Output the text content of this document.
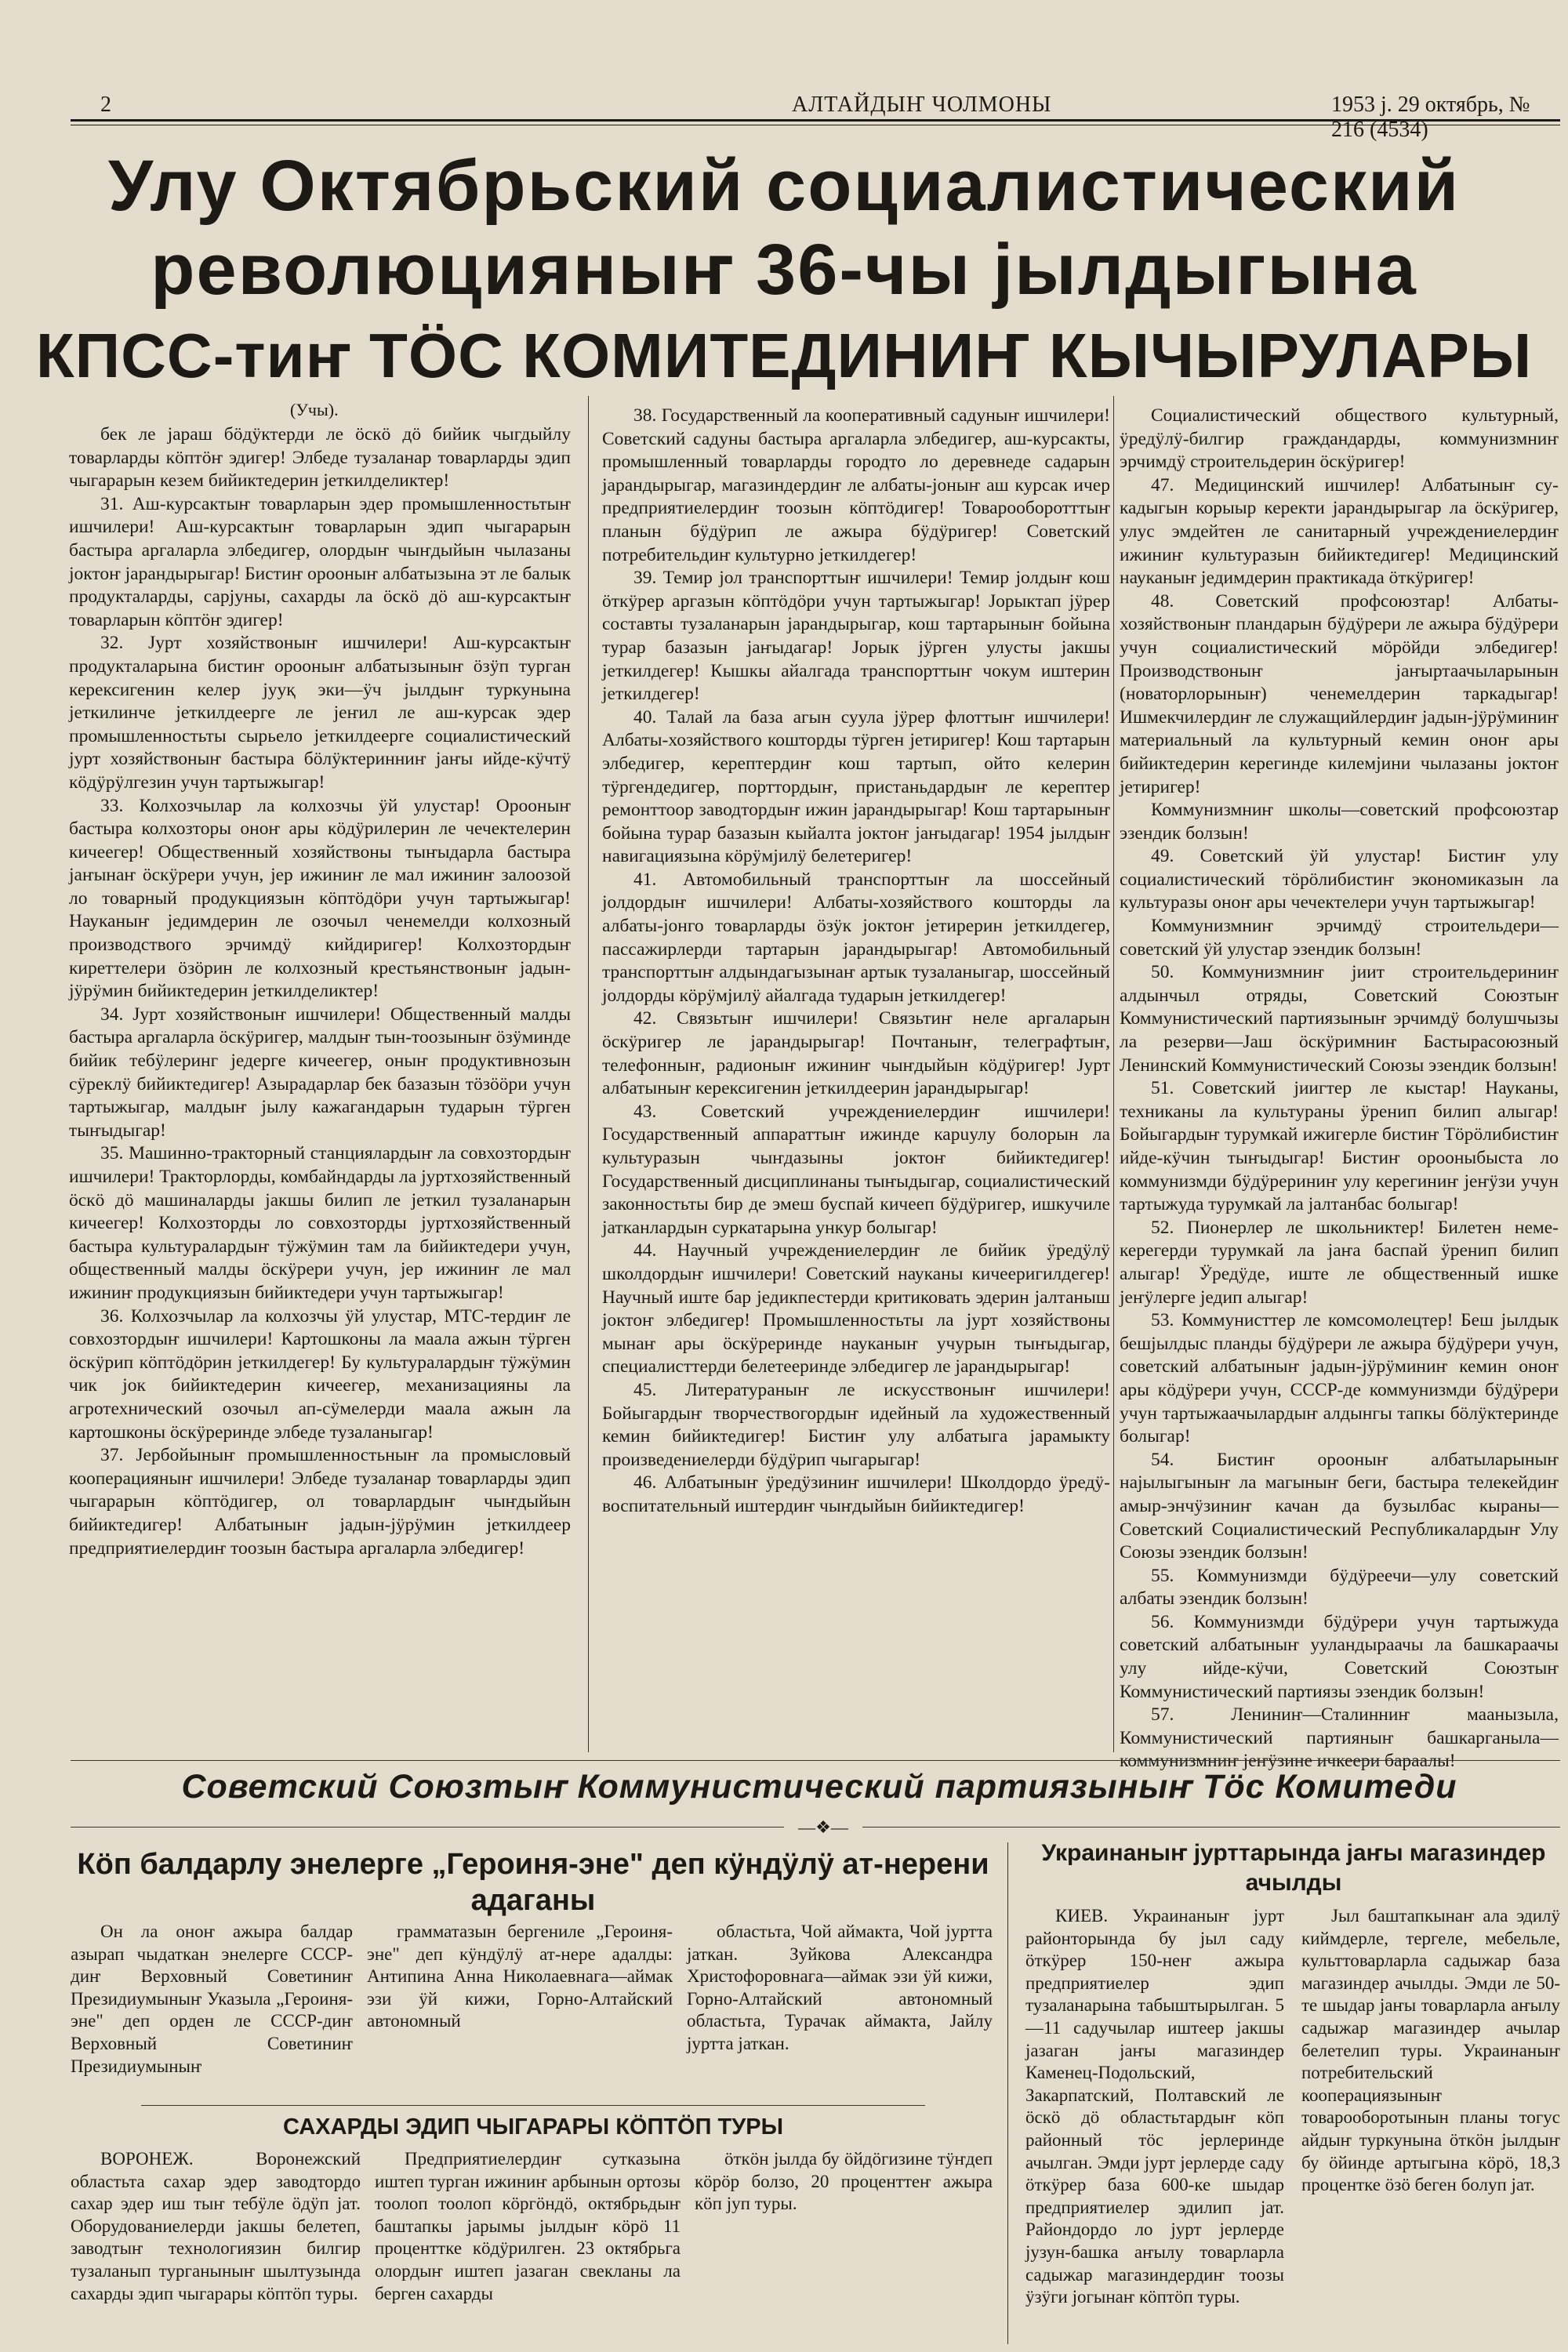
2	АЛТАЙДЫҤ ЧОЛМОНЫ	1953 ј. 29 октябрь, № 216 (4534)
Улу Октябрьский социалистический
революцияныҥ 36-чы јылдыгына
КПСС-тиҥ ТÖС КОМИТЕДИНИҤ КЫЧЫРУЛАРЫ
(Учы).

бек ле јараш бӧдӱктерди ле ӧскӧ дӧ бийик чыгдыйлу товарларды кӧптӧҥ эдигер! Элбеде тузаланар товарларды эдип чыгарарын кезем бийиктедерин јеткилделиктер!

31. Аш-курсактыҥ товарларын эдер промышленностьтыҥ ишчилери! Аш-курсактыҥ товарларын эдип чыгарарын бастыра аргаларла элбедигер, олордыҥ чыҥдыйын чылазаны јоктоҥ јарандырыгар! Бистиҥ орооныҥ албатызына эт ле балык продукталарды, сарјуны, сахарды ла ӧскӧ дӧ аш-курсактыҥ товарларын кӧптӧҥ эдигер!

32. Јурт хозяйствоныҥ ишчилери! Аш-курсактыҥ продукталарына бистиҥ орооныҥ албатызыныҥ ӧзӱп турган керексигенин келер јууқ эки—ӱч јылдыҥ туркунына јеткилинче јеткилдеерге ле јеҥил ле аш-курсак эдер промышленностьты сырьело јеткилдеерге социалистический јурт хозяйствоныҥ бастыра бӧлӱктеринниҥ јаҥы ийде-кӱчтӱ кӧдӱрӱлгезин учун тартыжыгар!

33. Колхозчылар ла колхозчы ӱй улустар! Орооныҥ бастыра колхозторы оноҥ ары кӧдӱрилерин ле чечектелерин кичеегер! Общественный хозяйствоны тыҥыдарла бастыра јаҥынаҥ ӧскӱрери учун, јер ижиниҥ ле мал ижиниҥ залоозой ло товарный продукциязын кӧптӧдӧри учун тартыжыгар! Науканыҥ једимдерин ле озочыл ченемелди колхозный производствого эрчимдӱ кийдиригер! Колхозтордыҥ киреттелери ӧзӧрин ле колхозный крестьянствоныҥ јадын-јӱрӱмин бийиктедерин јеткилделиктер!

34. Јурт хозяйствоныҥ ишчилери! Общественный малды бастыра аргаларла ӧскӱригер, малдыҥ тын-тоозыныҥ ӧзӱминде бийик тебӱлеринг једерге кичеегер, оныҥ продуктивнозын сӱреклӱ бийиктедигер! Азырадарлар бек базазын тӧзӧӧри учун тартыжыгар, малдыҥ јылу кажагандарын тударын тӱрген тыҥыдыгар!

35. Машинно-тракторный станциялардыҥ ла совхозтордыҥ ишчилери! Тракторлорды, комбайндарды ла јуртхозяйственный ӧскӧ дӧ машиналарды јакшы билип ле јеткил тузаланарын кичеегер! Колхозторды ло совхозторды јуртхозяйственный бастыра культуралардыҥ тӱжӱмин там ла бийиктедери учун, общественный малды ӧскӱрери учун, јер ижиниҥ ле мал ижиниҥ продукциязын бийиктедери учун тартыжыгар!

36. Колхозчылар ла колхозчы ӱй улустар, МТС-тердиҥ ле совхозтордыҥ ишчилери! Картошконы ла маала ажын тӱрген ӧскӱрип кӧптӧдӧрин јеткилдегер! Бу культуралардыҥ тӱжӱмин чик јок бийиктедерин кичеегер, механизацияны ла агротехнический озочыл ап-сӱмелерди маала ажын ла картошконы ӧскӱреринде элбеде тузаланыгар!

37. Јербойыныҥ промышленностьныҥ ла промысловый кооперацияныҥ ишчилери! Элбеде тузаланар товарларды эдип чыгарарын кӧптӧдигер, ол товарлардыҥ чыҥдыйын бийиктедигер! Албатыныҥ јадын-јӱрӱмин јеткилдеер предприятиелердиҥ тоозын бастыра аргаларла элбедигер!

38. Государственный ла кооперативный садуныҥ ишчилери! Советский садуны бастыра аргаларла элбедигер, аш-курсакты, промышленный товарларды городто ло деревнеде садарын јарандырыгар, магазиндердиҥ ле албаты-јоныҥ аш курсак ичер предприятиелердиҥ тоозын кӧптӧдигер! Товарооборотттыҥ планын бӱдӱрип ле ажыра бӱдӱригер! Советский потребительдиҥ культурно јеткилдегер!

39. Темир јол транспорттыҥ ишчилери! Темир јолдыҥ кош ӧткӱрер аргазын кӧптӧдӧри учун тартыжыгар! Јорыктап јӱрер составты тузаланарын јарандырыгар, кош тартарыныҥ бойына турар базазын јаҥыдагар! Јорык јӱрген улусты јакшы јеткилдегер! Кышкы айалгада транспорттыҥ чокум иштерин јеткилдегер!

40. Талай ла база агын суула јӱрер флоттыҥ ишчилери! Албаты-хозяйствого кошторды тӱрген јетиригер! Кош тартарын элбедигер, керептердиҥ кош тартып, ойто келерин тӱргендедигер, порттордыҥ, пристаньдардыҥ ле керептер ремонттоор заводтордыҥ ижин јарандырыгар! Кош тартарыныҥ бойына турар базазын кыйалта јоктоҥ јаҥыдагар! 1954 јылдыҥ навигациязына кӧрӱмјилӱ белетеригер!

41. Автомобильный транспорттыҥ ла шоссейный јолдордыҥ ишчилери! Албаты-хозяйствого кошторды ла албаты-јонго товарларды ӧзӱк јоктоҥ јетирерин јеткилдегер, пассажирлерди тартарын јарандырыгар! Автомобильный транспорттыҥ алдындагызынаҥ артык тузаланыгар, шоссейный јолдорды кӧрӱмјилӱ айалгада тударын јеткилдегер!

42. Связьтыҥ ишчилери! Связьтиҥ неле аргаларын ӧскӱригер ле јарандырыгар! Почтаныҥ, телеграфтыҥ, телефонныҥ, радионыҥ ижиниҥ чыҥдыйын кӧдӱригер! Јурт албатыныҥ керексигенин јеткилдеерин јарандырыгар!

43. Советский учреждениелердиҥ ишчилери! Государственный аппараттыҥ ижинде карuулу болорын ла культуразын чыҥдазыны јоктоҥ бийиктедигер! Государственный дисциплинаны тыҥыдыгар, социалистический законностьты бир де эмеш буспай кичееп бӱдӱригер, ишкучиле јатканлардын суркатарына ункур болыгар!

44. Научный учреждениелердиҥ ле бийик ӱредӱлӱ школдордыҥ ишчилери! Советский науканы кичееригилдегер! Научный иште бар једикпестерди критиковать эдерин јалтаныш јоктоҥ элбедигер! Промышленностьты ла јурт хозяйствоны мынаҥ ары ӧскӱреринде науканыҥ учурын тыҥыдыгар, специалисттерди белетееринде элбедигер ле јарандырыгар!

45. Литератураныҥ ле искусствоныҥ ишчилери! Бойыгардыҥ творчествогордыҥ идейный ла художественный кемин бийиктедигер! Бистиҥ улу албатыга јарамыкту произведениелерди бӱдӱрип чыгарыгар!

46. Албатыныҥ ӱредӱзиниҥ ишчилери! Школдордо ӱредӱ-воспитательный иштердиҥ чыҥдыйын бийиктедигер!

Социалистический обществого культурный, ӱредӱлӱ-билгир граждандарды, коммунизмниҥ эрчимдӱ строительдерин ӧскӱригер!

47. Медицинский ишчилер! Албатыныҥ су-кадыгын корыыр керекти јарандырыгар ла ӧскӱригер, улус эмдейтен ле санитарный учреждениелердиҥ ижиниҥ культуразын бийиктедигер! Медицинский науканыҥ једимдерин практикада ӧткӱригер!

48. Советский профсоюзтар! Албаты-хозяйствоныҥ пландарын бӱдӱрери ле ажыра бӱдӱрери учун социалистический мӧрӧйди элбедигер! Производствоныҥ јаҥыртаачыларынын (новаторлорыныҥ) ченемелдерин таркадыгар! Ишмекчилердиҥ ле служащийлердиҥ јадын-јӱрӱминиҥ материальный ла культурный кемин оноҥ ары бийиктедерин керегинде килемјини чылазаны јоктоҥ јетиригер!

Коммунизмниҥ школы—советский профсоюзтар эзендик болзын!

49. Советский ӱй улустар! Бистиҥ улу социалистический тӧрӧлибистиҥ экономиказын ла культуразы оноҥ ары чечектелери учун тартыжыгар!

Коммунизмниҥ эрчимдӱ строительдери—советский ӱй улустар эзендик болзын!

50. Коммунизмниҥ јиит строительдериниҥ алдынчыл отряды, Советский Союзтыҥ Коммунистический партиязыныҥ эрчимдӱ болушчызы ла резерви—Јаш ӧскӱримниҥ Бастырасоюзный Ленинский Коммунистический Союзы эзендик болзын!

51. Советский јиигтер ле кыстар! Науканы, техниканы ла культураны ӱренип билип алыгар! Бойыгардыҥ турумкай ижигерле бистиҥ Тӧрӧлибистиҥ ийде-кӱчин тыҥыдыгар! Бистиҥ орооныбыста ло коммунизмди бӱдӱрериниҥ улу керегиниҥ јеҥӱзи учун тартыжуда турумкай ла јалтанбас болыгар!

52. Пионерлер ле школьниктер! Билетен неме-керегерди турумкай ла јаҥа баспай ӱренип билип алыгар! Ӱредӱде, иште ле общественный ишке јеҥӱлерге једип алыгар!

53. Коммунисттер ле комсомолецтер! Беш јылдык бешјылдыс планды бӱдӱрери ле ажыра бӱдӱрери учун, советский албатыныҥ јадын-јӱрӱминиҥ кемин оноҥ ары кӧдӱрери учун, СССР-де коммунизмди бӱдӱрери учун тартыжаачылардыҥ алдынгы тапкы бӧлӱктеринде болыгар!

54. Бистиҥ орооныҥ албатыларыныҥ најылыгыныҥ ла магыныҥ беги, бастыра телекейдиҥ амыр-энчӱзиниҥ качан да бузылбас кыраны—Советский Социалистический Республикалардыҥ Улу Союзы эзендик болзын!

55. Коммунизмди бӱдӱреечи—улу советский албаты эзендик болзын!

56. Коммунизмди бӱдӱрери учун тартыжуда советский албатыныҥ ууландыраачы ла башкараачы улу ийде-кӱчи, Советский Союзтыҥ Коммунистический партиязы эзендик болзын!

57. Лениниҥ—Сталинниҥ маанызыла, Коммунистический партияныҥ башкарганыла—коммунизмниҥ јеҥӱзине ичкеери бараалы!

Советский Союзтыҥ Коммунистический партиязыныҥ Тӧс Комитеди
—❖—
Кӧп балдарлу энелерге „Героиня-эне" деп кӱндӱлӱ ат-нерени адаганы

Он ла оноҥ ажыра балдар азырап чыдаткан энелерге СССР-диҥ Верховный Советиниҥ Президиумыныҥ Указыла „Героиня-эне" деп орден ле СССР-диҥ Верховный Советиниҥ Президиумыныҥ

грамматазын бергениле „Героиня-эне" деп кӱндӱлӱ ат-нере адалды: Антипина Анна Николаевнага—аймак эзи ӱй кижи, Горно-Алтайский автономный

областьта, Чой аймакта, Чой јуртта јаткан. Зуйкова Александра Христофоровнага—аймак эзи ӱй кижи, Горно-Алтайский автономный областьта, Турачак аймакта, Јайлу јуртта јаткан.

САХАРДЫ ЭДИП ЧЫГАРАРЫ КӦПТӦП ТУРЫ

ВОРОНЕЖ. Воронежский областьта сахар эдер заводтордо сахар эдер иш тыҥ тебӱле ӧдӱп јат. Оборудованиелерди јакшы белетеп, заводтыҥ технологиязин билгир тузаланып турганыныҥ шылтузында сахарды эдип чыгарары кӧптӧп туры.

Предприятиелердиҥ сутказына иштеп турган ижиниҥ арбынын ортозы тоолоп тоолоп кӧргӧндӧ, октябрьдыҥ баштапкы јарымы јылдыҥ кӧрӧ 11 проценттке кӧдӱрилген. 23 октябрьга олордыҥ иштеп јазаган свекланы ла берген сахарды

ӧткӧн јылда бу ӧйдӧгизине тӱҥдеп кӧрӧр болзо, 20 проценттеҥ ажыра кӧп јуп туры.

Украинаныҥ јурттарында јаҥы магазиндер ачылды

КИЕВ. Украинаныҥ јурт районторында бу јыл саду ӧткӱрер 150-неҥ ажыра предприятиелер эдип тузаланарына табыштырылган. 5—11 садучылар иштеер јакшы јазаган јаҥы магазиндер Каменец-Подольский, Закарпатский, Полтавский ле ӧскӧ дӧ областьтардыҥ кӧп районный тӧс јерлеринде ачылган. Эмди јурт јерлерде саду ӧткӱрер база 600-ке шыдар предприятиелер эдилип јат. Райондордо ло јурт јерлерде јузун-башка аҥылу товарларла садыжар магазиндердиҥ тоозы ӱзӱги јогынаҥ кӧптӧп туры.

Јыл баштапкынаҥ ала эдилӱ киймдерле, тергеле, мебельле, культтоварларла садыжар база магазиндер ачылды. Эмди ле 50-те шыдар јаҥы товарларла аҥылу садыжар магазиндер ачылар белетелип туры. Украинаныҥ потребительский кооперациязыныҥ товарооборотынын планы тогус айдыҥ туркунына ӧткӧн јылдыҥ бу ӧйинде артыгына кӧрӧ, 18,3 процентке ӧзӧ беген болуп јат.
